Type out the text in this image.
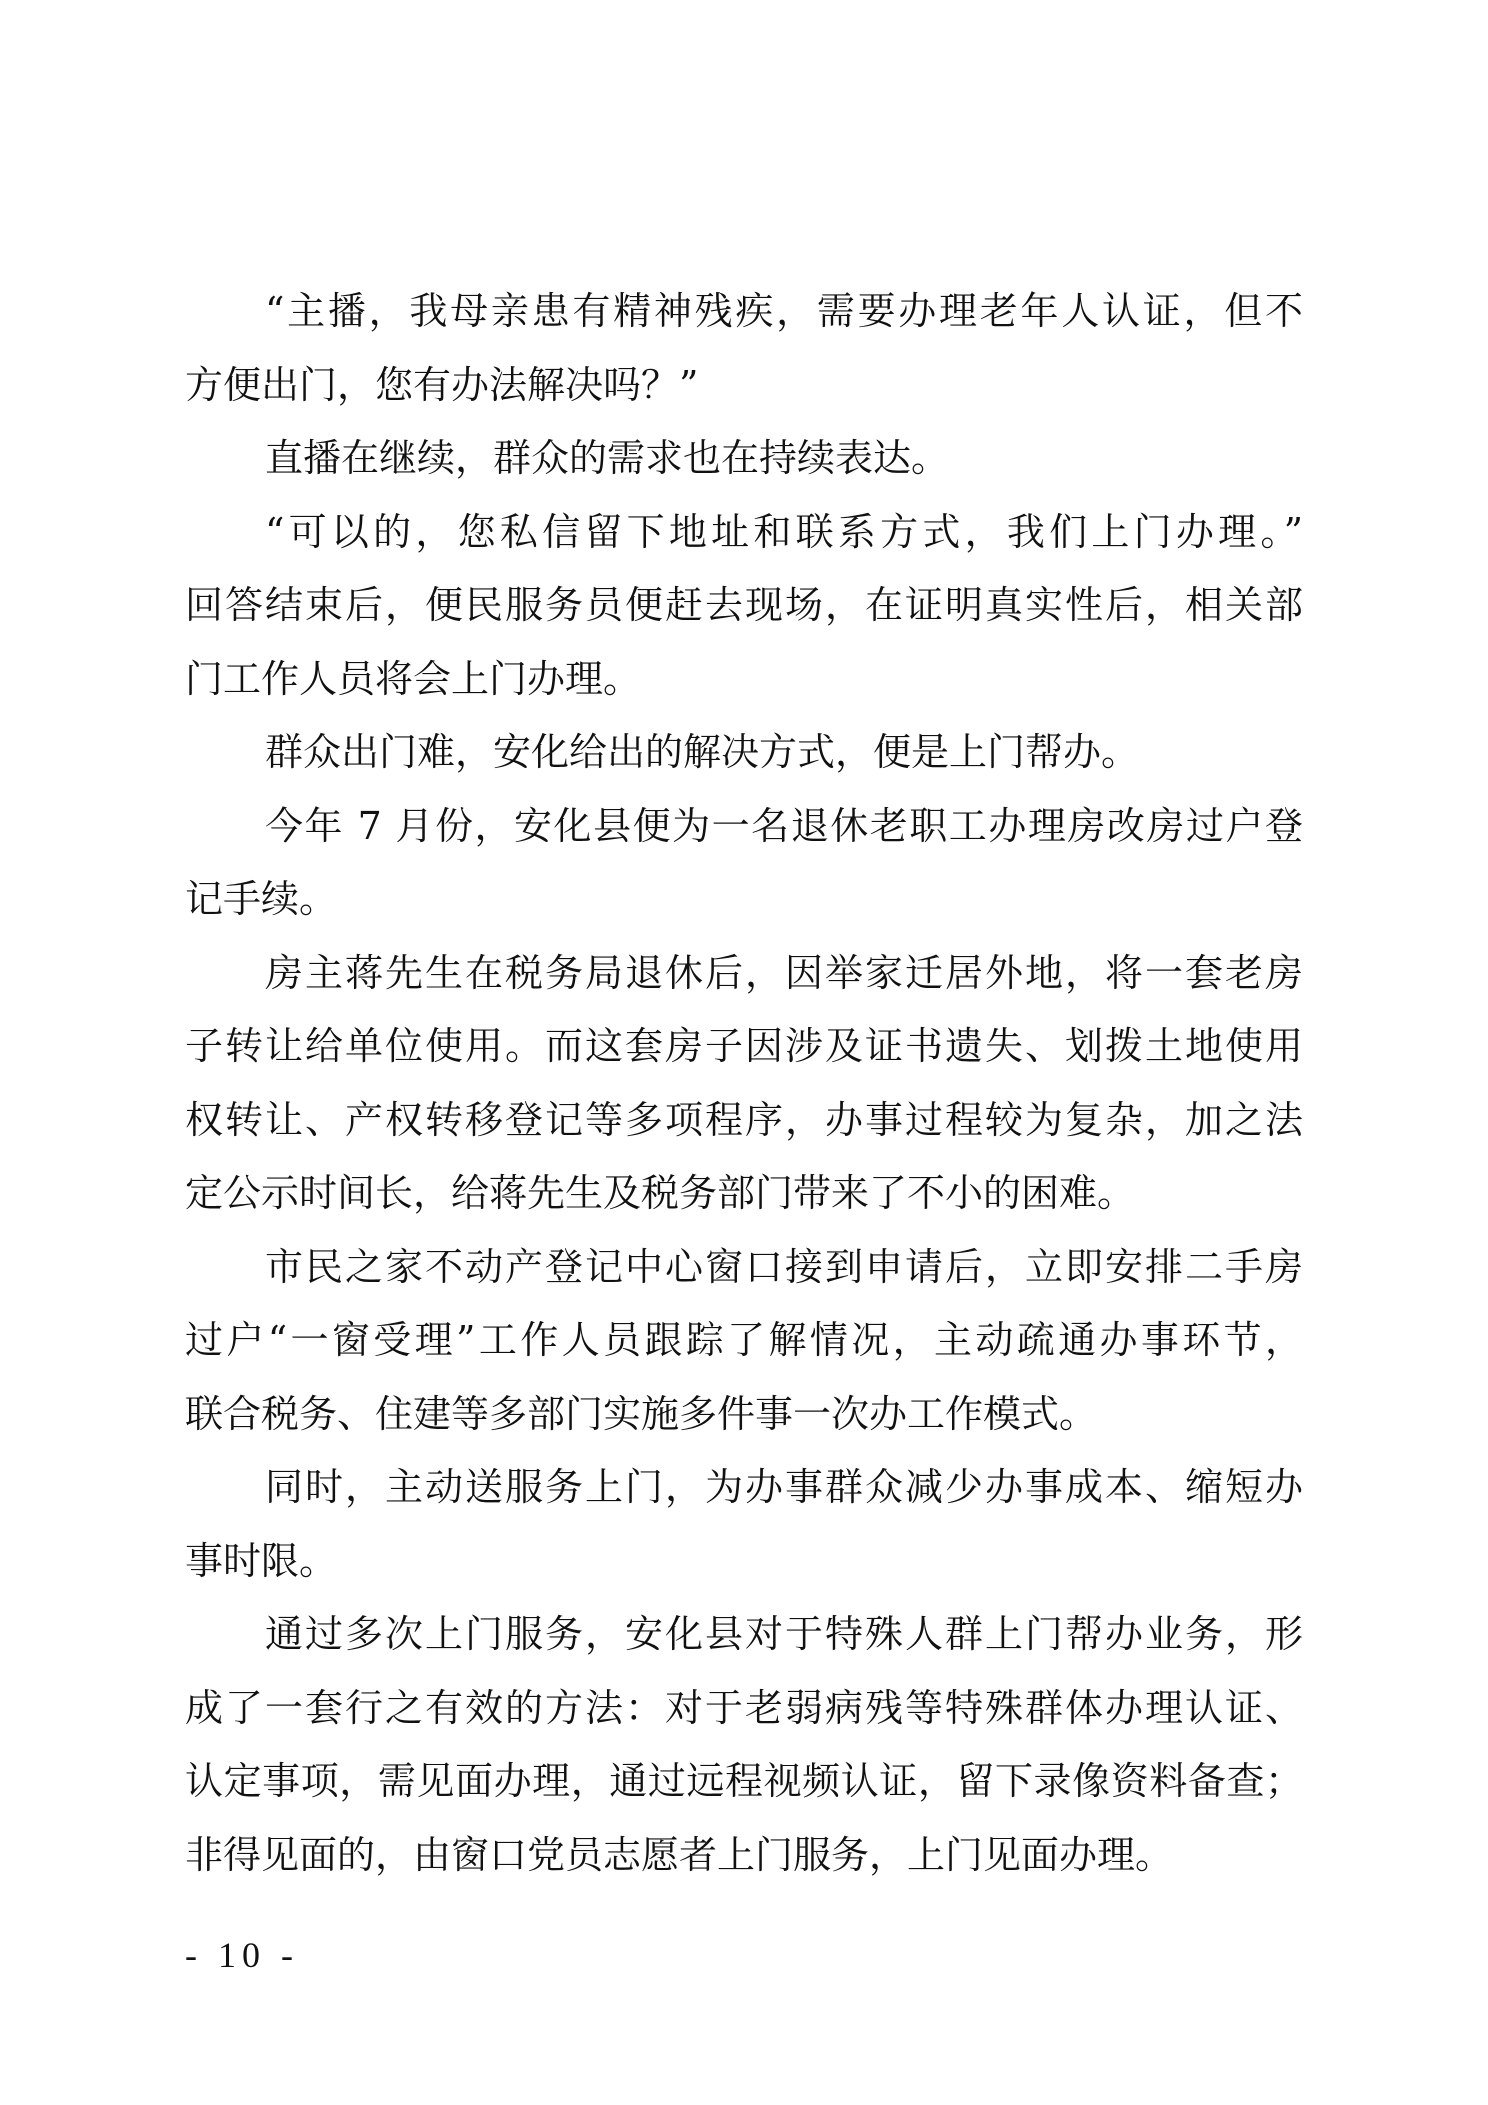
“主播，我母亲患有精神残疾，需要办理老年人认证，但不
方便出门，您有办法解决吗？”
直播在继续，群众的需求也在持续表达。
“可以的，您私信留下地址和联系方式，我们上门办理。”
回答结束后，便民服务员便赶去现场，在证明真实性后，相关部
门工作人员将会上门办理。
群众出门难，安化给出的解决方式，便是上门帮办。
今年 7 月份，安化县便为一名退休老职工办理房改房过户登
记手续。
房主蒋先生在税务局退休后，因举家迁居外地，将一套老房
子转让给单位使用。而这套房子因涉及证书遗失、划拨土地使用
权转让、产权转移登记等多项程序，办事过程较为复杂，加之法
定公示时间长，给蒋先生及税务部门带来了不小的困难。
市民之家不动产登记中心窗口接到申请后，立即安排二手房
过户“一窗受理”工作人员跟踪了解情况，主动疏通办事环节，
联合税务、住建等多部门实施多件事一次办工作模式。
同时，主动送服务上门，为办事群众减少办事成本、缩短办
事时限。
通过多次上门服务，安化县对于特殊人群上门帮办业务，形
成了一套行之有效的方法：对于老弱病残等特殊群体办理认证、
认定事项，需见面办理，通过远程视频认证，留下录像资料备查；
非得见面的，由窗口党员志愿者上门服务，上门见面办理。
- 10 -
